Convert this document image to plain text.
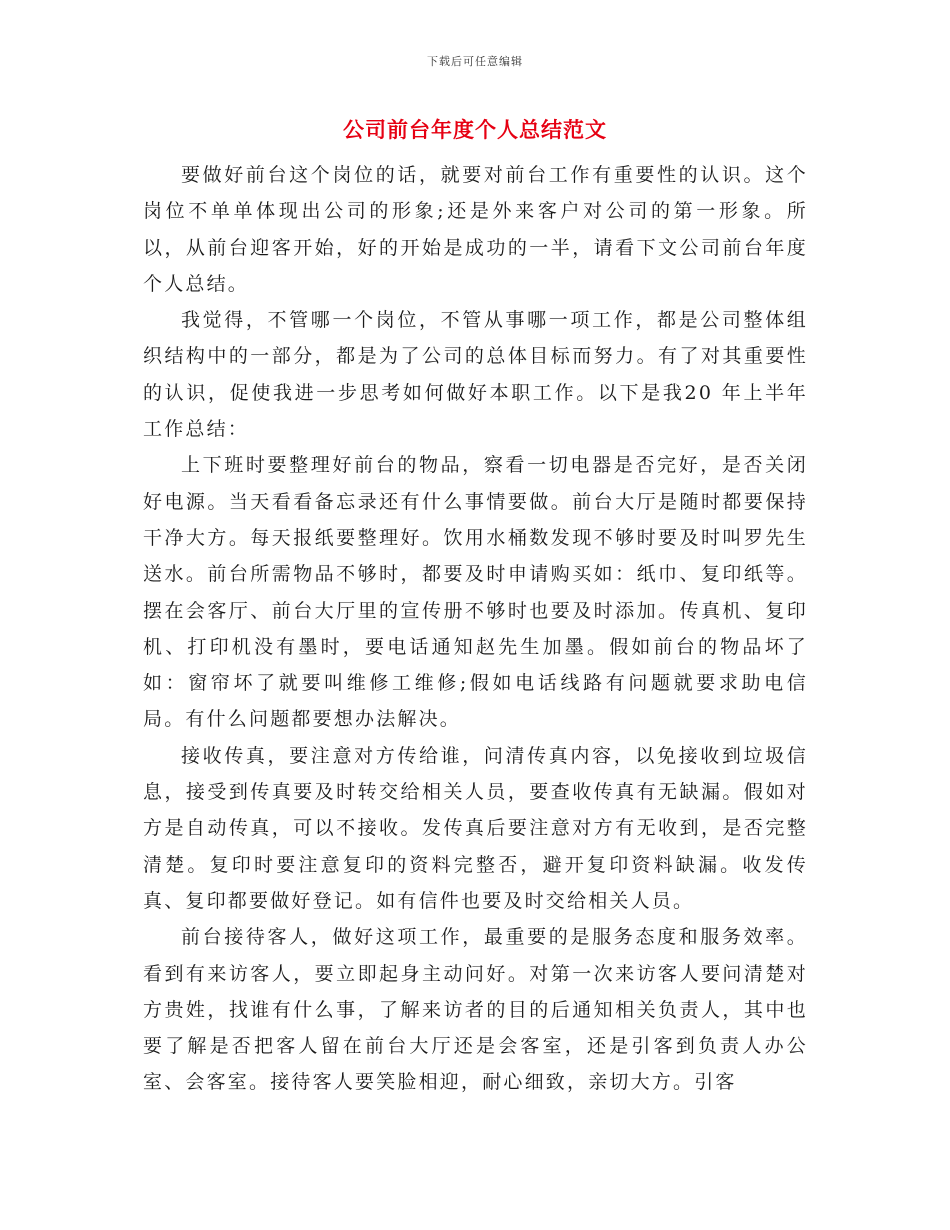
下载后可任意编辑
公司前台年度个人总结范文

要做好前台这个岗位的话，就要对前台工作有重要性的认识。这个岗位不单单体现出公司的形象;还是外来客户对公司的第一形象。所以，从前台迎客开始，好的开始是成功的一半，请看下文公司前台年度个人总结。

我觉得，不管哪一个岗位，不管从事哪一项工作，都是公司整体组织结构中的一部分，都是为了公司的总体目标而努力。有了对其重要性的认识，促使我进一步思考如何做好本职工作。以下是我20 年上半年工作总结：

上下班时要整理好前台的物品，察看一切电器是否完好，是否关闭好电源。当天看看备忘录还有什么事情要做。前台大厅是随时都要保持干净大方。每天报纸要整理好。饮用水桶数发现不够时要及时叫罗先生送水。前台所需物品不够时，都要及时申请购买如：纸巾、复印纸等。摆在会客厅、前台大厅里的宣传册不够时也要及时添加。传真机、复印机、打印机没有墨时，要电话通知赵先生加墨。假如前台的物品坏了如：窗帘坏了就要叫维修工维修;假如电话线路有问题就要求助电信局。有什么问题都要想办法解决。

接收传真，要注意对方传给谁，问清传真内容，以免接收到垃圾信息，接受到传真要及时转交给相关人员，要查收传真有无缺漏。假如对方是自动传真，可以不接收。发传真后要注意对方有无收到，是否完整清楚。复印时要注意复印的资料完整否，避开复印资料缺漏。收发传真、复印都要做好登记。如有信件也要及时交给相关人员。

前台接待客人，做好这项工作，最重要的是服务态度和服务效率。看到有来访客人，要立即起身主动问好。对第一次来访客人要问清楚对方贵姓，找谁有什么事，了解来访者的目的后通知相关负责人，其中也要了解是否把客人留在前台大厅还是会客室，还是引客到负责人办公室、会客室。接待客人要笑脸相迎，耐心细致，亲切大方。引客
